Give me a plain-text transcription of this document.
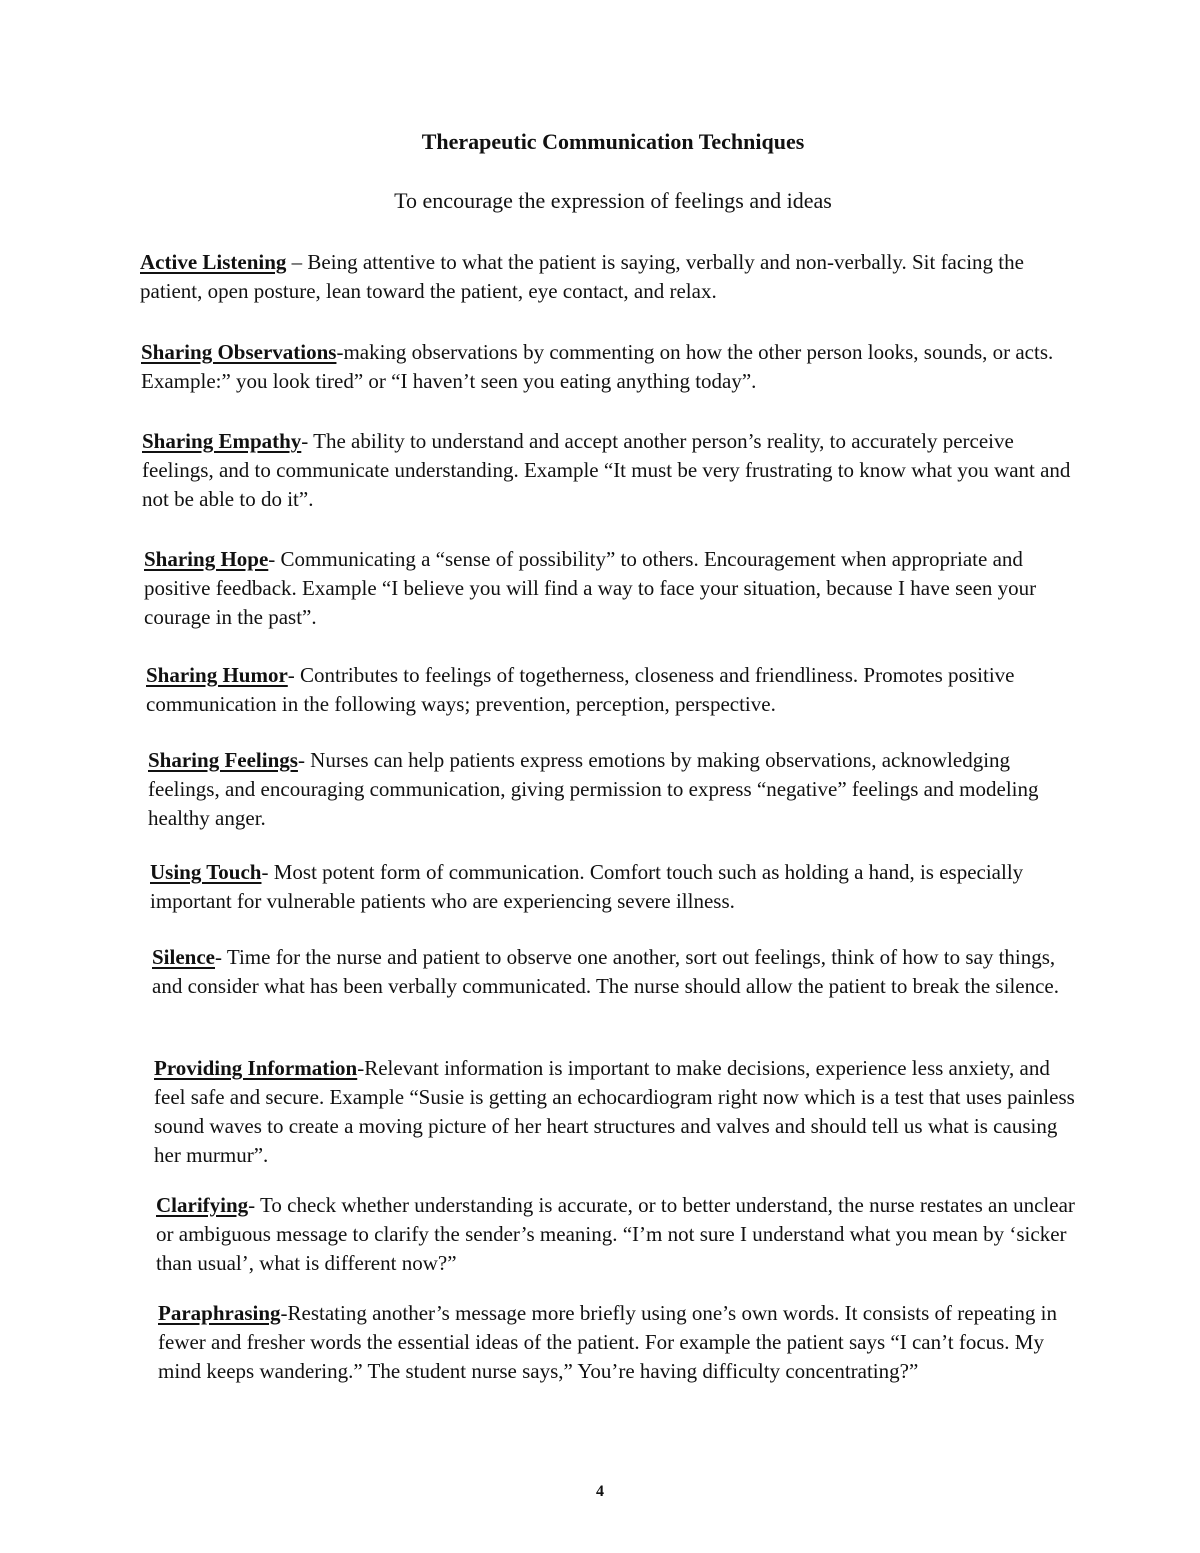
Therapeutic Communication Techniques
To encourage the expression of feelings and ideas

Active Listening – Being attentive to what the patient is saying, verbally and non-verbally. Sit facing the patient, open posture, lean toward the patient, eye contact, and relax.

Sharing Observations-making observations by commenting on how the other person looks, sounds, or acts. Example:” you look tired” or “I haven’t seen you eating anything today”.

Sharing Empathy- The ability to understand and accept another person’s reality, to accurately perceive feelings, and to communicate understanding. Example “It must be very frustrating to know what you want and not be able to do it”.

Sharing Hope- Communicating a “sense of possibility” to others. Encouragement when appropriate and positive feedback. Example “I believe you will find a way to face your situation, because I have seen your courage in the past”.

Sharing Humor- Contributes to feelings of togetherness, closeness and friendliness. Promotes positive communication in the following ways; prevention, perception, perspective.

Sharing Feelings- Nurses can help patients express emotions by making observations, acknowledging feelings, and encouraging communication, giving permission to express “negative” feelings and modeling healthy anger.

Using Touch- Most potent form of communication. Comfort touch such as holding a hand, is especially important for vulnerable patients who are experiencing severe illness.

Silence- Time for the nurse and patient to observe one another, sort out feelings, think of how to say things, and consider what has been verbally communicated. The nurse should allow the patient to break the silence.

Providing Information-Relevant information is important to make decisions, experience less anxiety, and feel safe and secure. Example “Susie is getting an echocardiogram right now which is a test that uses painless sound waves to create a moving picture of her heart structures and valves and should tell us what is causing her murmur”.

Clarifying- To check whether understanding is accurate, or to better understand, the nurse restates an unclear or ambiguous message to clarify the sender’s meaning. “I’m not sure I understand what you mean by ‘sicker than usual’, what is different now?”

Paraphrasing-Restating another’s message more briefly using one’s own words. It consists of repeating in fewer and fresher words the essential ideas of the patient. For example the patient says “I can’t focus. My mind keeps wandering.” The student nurse says,” You’re having difficulty concentrating?”

4
